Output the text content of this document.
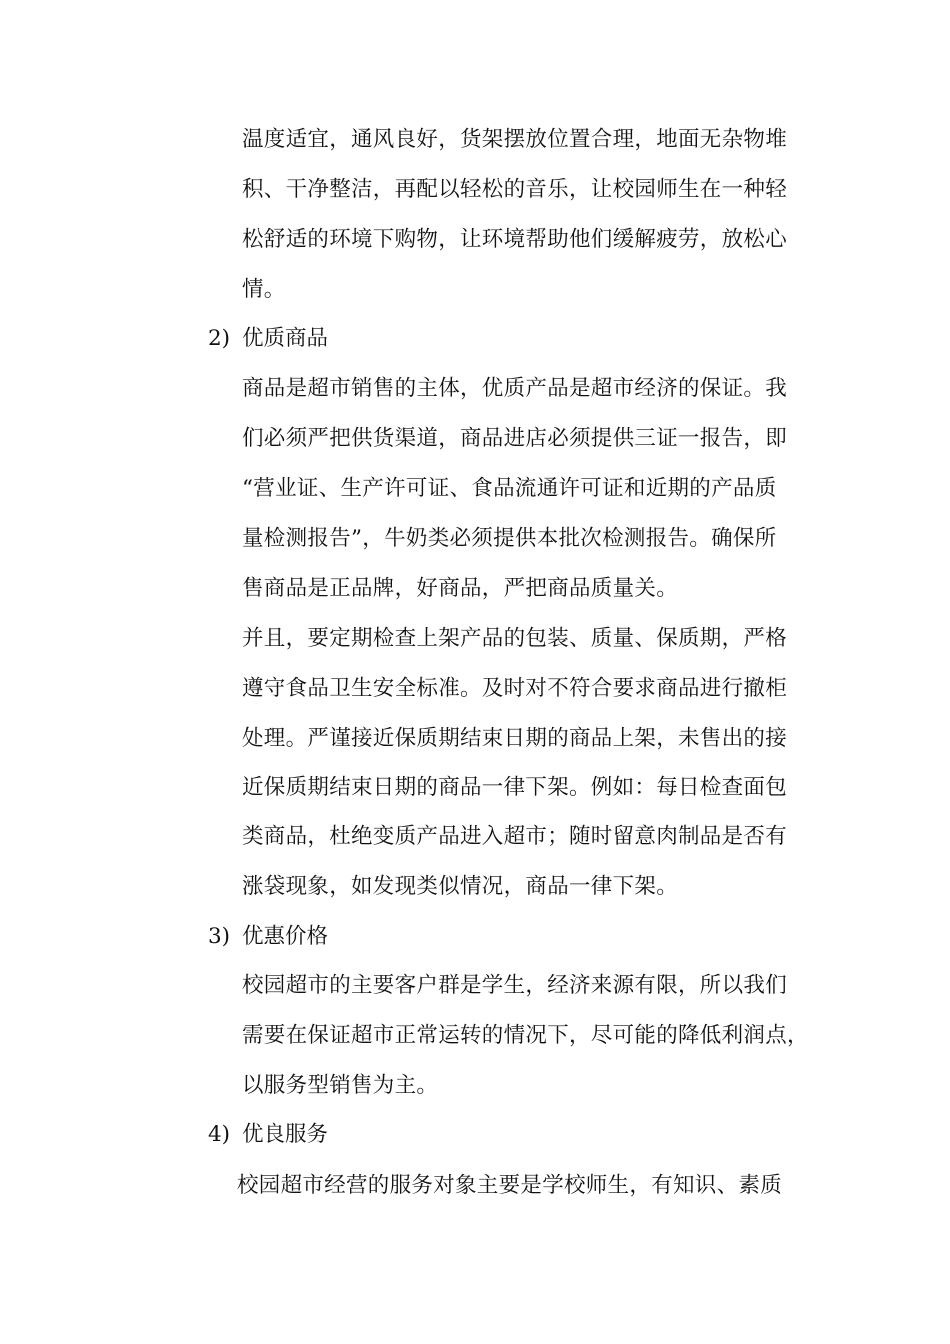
温度适宜，通风良好，货架摆放位置合理，地面无杂物堆
积、干净整洁，再配以轻松的音乐，让校园师生在一种轻
松舒适的环境下购物，让环境帮助他们缓解疲劳，放松心
情。
2) 优质商品
商品是超市销售的主体，优质产品是超市经济的保证。我
们必须严把供货渠道，商品进店必须提供三证一报告，即
“营业证、生产许可证、食品流通许可证和近期的产品质
量检测报告”，牛奶类必须提供本批次检测报告。确保所
售商品是正品牌，好商品，严把商品质量关。
并且，要定期检查上架产品的包装、质量、保质期，严格
遵守食品卫生安全标准。及时对不符合要求商品进行撤柜
处理。严谨接近保质期结束日期的商品上架，未售出的接
近保质期结束日期的商品一律下架。例如：每日检查面包
类商品，杜绝变质产品进入超市；随时留意肉制品是否有
涨袋现象，如发现类似情况，商品一律下架。
3) 优惠价格
校园超市的主要客户群是学生，经济来源有限，所以我们
需要在保证超市正常运转的情况下，尽可能的降低利润点，
以服务型销售为主。
4) 优良服务
校园超市经营的服务对象主要是学校师生，有知识、素质
